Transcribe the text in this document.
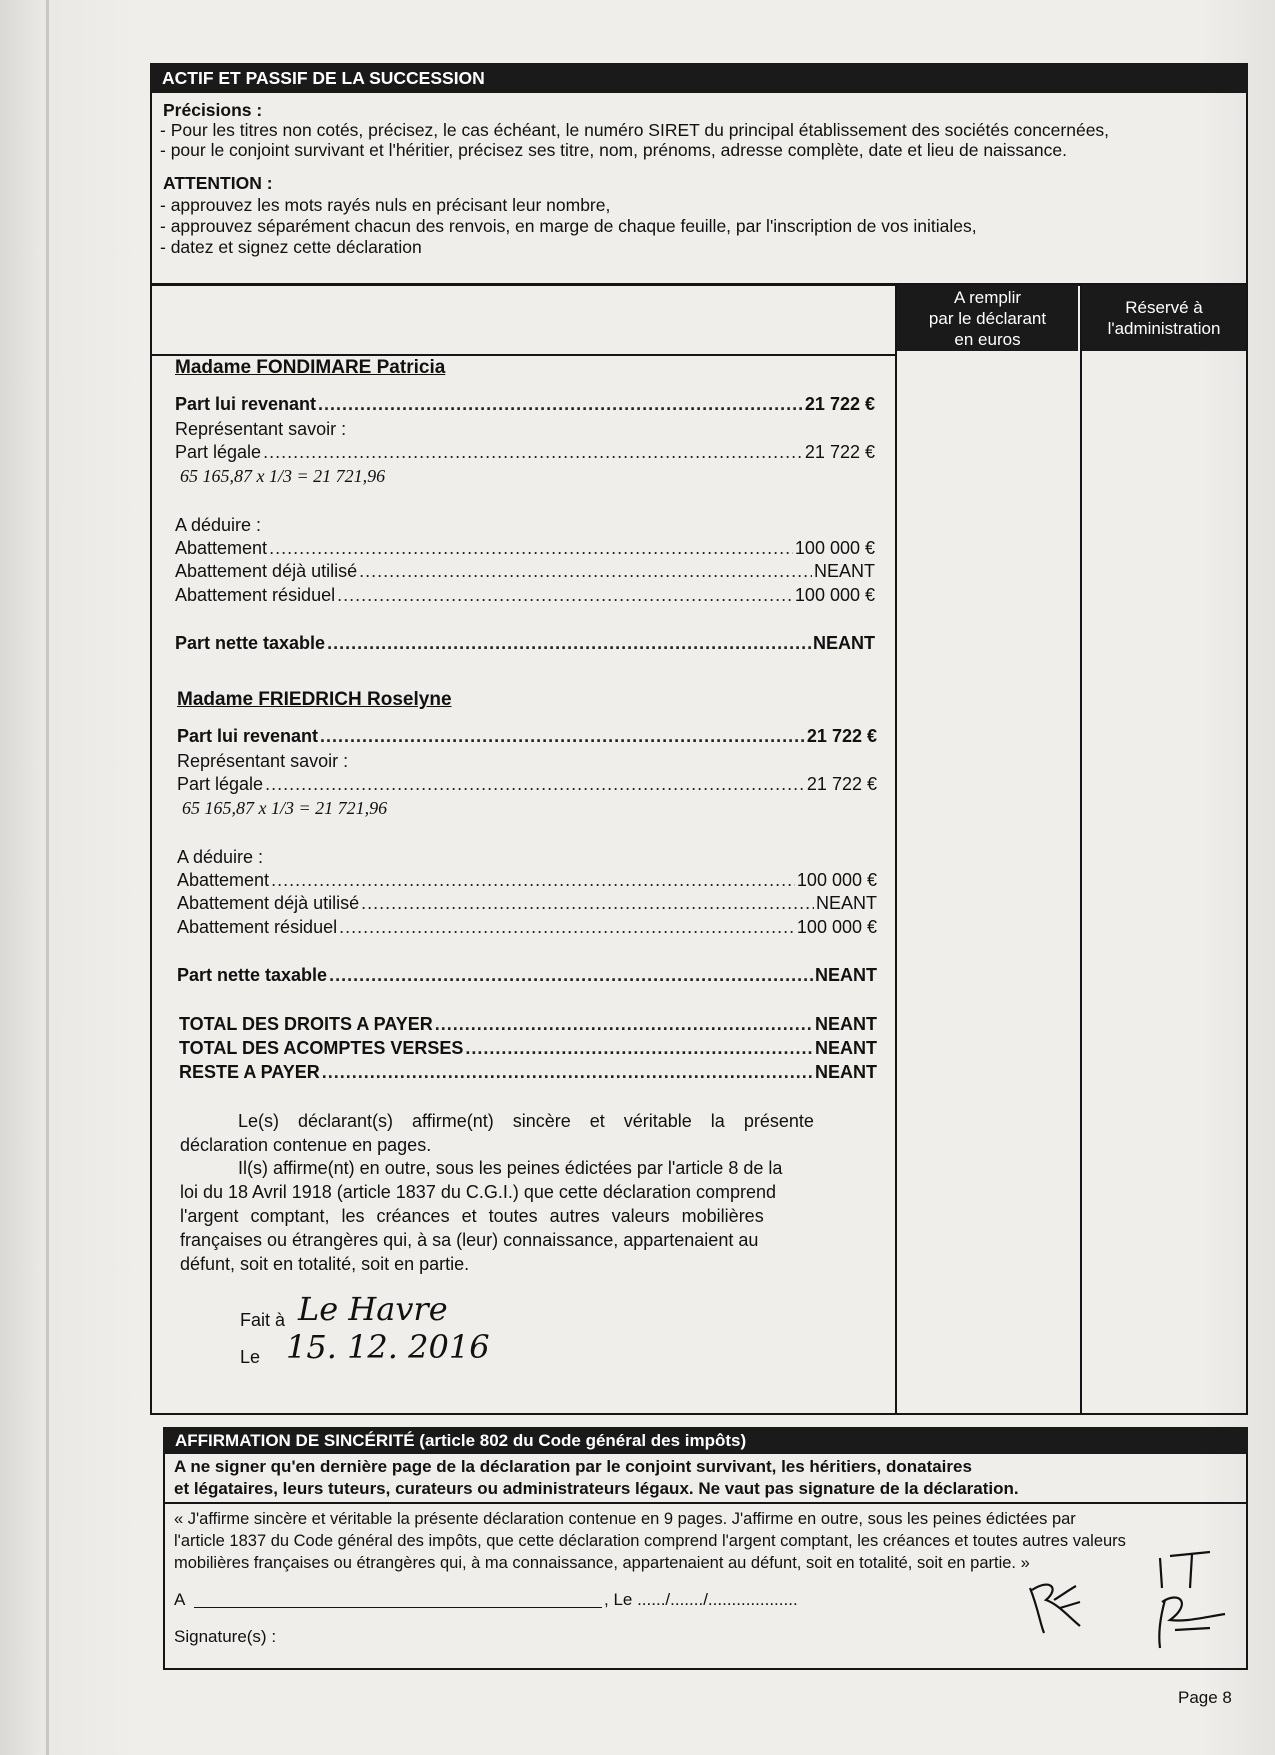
ACTIF ET PASSIF DE LA SUCCESSION
Précisions :
- Pour les titres non cotés, précisez, le cas échéant, le numéro SIRET du principal établissement des sociétés concernées,
- pour le conjoint survivant et l'héritier, précisez ses titre, nom, prénoms, adresse complète, date et lieu de naissance.
ATTENTION :
- approuvez les mots rayés nuls en précisant leur nombre,
- approuvez séparément chacun des renvois, en marge de chaque feuille, par l'inscription de vos initiales,
- datez et signez cette déclaration
A remplir
par le déclarant
en euros
Réservé à
l'administration
Madame FONDIMARE Patricia
Part lui revenant .....	21 722 €
Représentant savoir :
Part légale .....	21 722 €
65 165,87 x 1/3 = 21 721,96
A déduire :
Abattement .....	100 000 €
Abattement déjà utilisé .....	NEANT
Abattement résiduel .....	100 000 €
Part nette taxable .....	NEANT
Madame FRIEDRICH Roselyne
Part lui revenant .....	21 722 €
Représentant savoir :
Part légale .....	21 722 €
65 165,87 x 1/3 = 21 721,96
A déduire :
Abattement .....	100 000 €
Abattement déjà utilisé .....	NEANT
Abattement résiduel .....	100 000 €
Part nette taxable .....	NEANT
TOTAL DES DROITS A PAYER .....	NEANT
TOTAL DES ACOMPTES VERSES .....	NEANT
RESTE A PAYER .....	NEANT
Le(s) déclarant(s) affirme(nt) sincère et véritable la présente
déclaration contenue en pages.
Il(s) affirme(nt) en outre, sous les peines édictées par l'article 8 de la
loi du 18 Avril 1918 (article 1837 du C.G.I.) que cette déclaration comprend
l'argent comptant, les créances et toutes autres valeurs mobilières
françaises ou étrangères qui, à sa (leur) connaissance, appartenaient au
défunt, soit en totalité, soit en partie.
Fait à Le Havre
Le 15. 12. 2016
AFFIRMATION DE SINCÉRITÉ (article 802 du Code général des impôts)
A ne signer qu'en dernière page de la déclaration par le conjoint survivant, les héritiers, donataires
et légataires, leurs tuteurs, curateurs ou administrateurs légaux. Ne vaut pas signature de la déclaration.
« J'affirme sincère et véritable la présente déclaration contenue en 9 pages. J'affirme en outre, sous les peines édictées par
l'article 1837 du Code général des impôts, que cette déclaration comprend l'argent comptant, les créances et toutes autres valeurs
mobilières françaises ou étrangères qui, à ma connaissance, appartenaient au défunt, soit en totalité, soit en partie. »
A	, Le ....../......./...................
Signature(s) :
Page 8
